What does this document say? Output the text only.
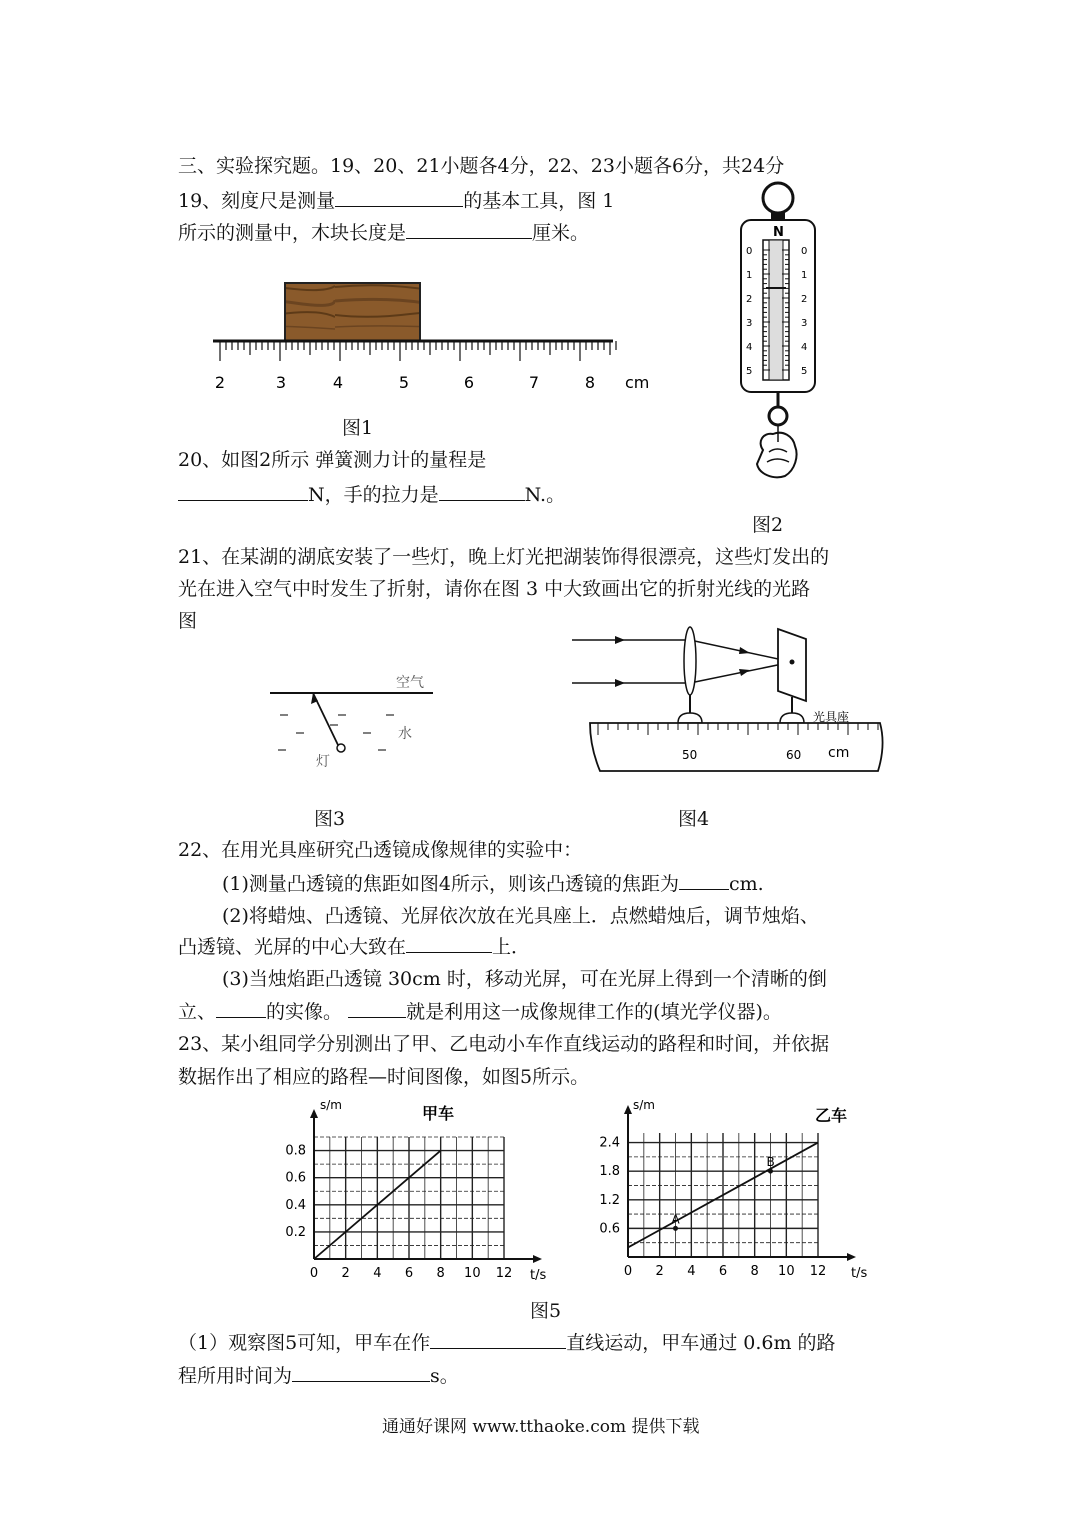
三、实验探究题。19、20、21小题各4分，22、23小题各6分，共24分
19、刻度尺是测量	的基本工具，图 1
所示的测量中，木块长度是	厘米。
2	3	4	5	6	7	8 cm
图1
N
0
1
2
3
4
5
0
1
2
3
4
5
20、如图2所示 弹簧测力计的量程是
N，手的拉力是	N.。
图2
21、在某湖的湖底安装了一些灯，晚上灯光把湖装饰得很漂亮，这些灯发出的
光在进入空气中时发生了折射，请你在图 3 中大致画出它的折射光线的光路
图
空气
水
灯
图3
光具座
50	60 cm
图4
22、在用光具座研究凸透镜成像规律的实验中：
(1)测量凸透镜的焦距如图4所示，则该凸透镜的焦距为	cm.
(2)将蜡烛、凸透镜、光屏依次放在光具座上．点燃蜡烛后，调节烛焰、
凸透镜、光屏的中心大致在	上．
(3)当烛焰距凸透镜 30cm 时，移动光屏，可在光屏上得到一个清晰的倒
立、	的实像。	就是利用这一成像规律工作的(填光学仪器)。
23、某小组同学分别测出了甲、乙电动小车作直线运动的路程和时间，并依据
数据作出了相应的路程—时间图像，如图5所示。
甲车
s/m
t/s
0 2 4 6 8 10 12
0.2
0.4
0.6
0.8
乙车
s/m
t/s
0 2 4 6 8 10 12
0.6
1.2
1.8
2.4
A
B
图5
（1）观察图5可知，甲车在作	直线运动，甲车通过 0.6m 的路
程所用时间为	s。
通通好课网 www.tthaoke.com 提供下载
